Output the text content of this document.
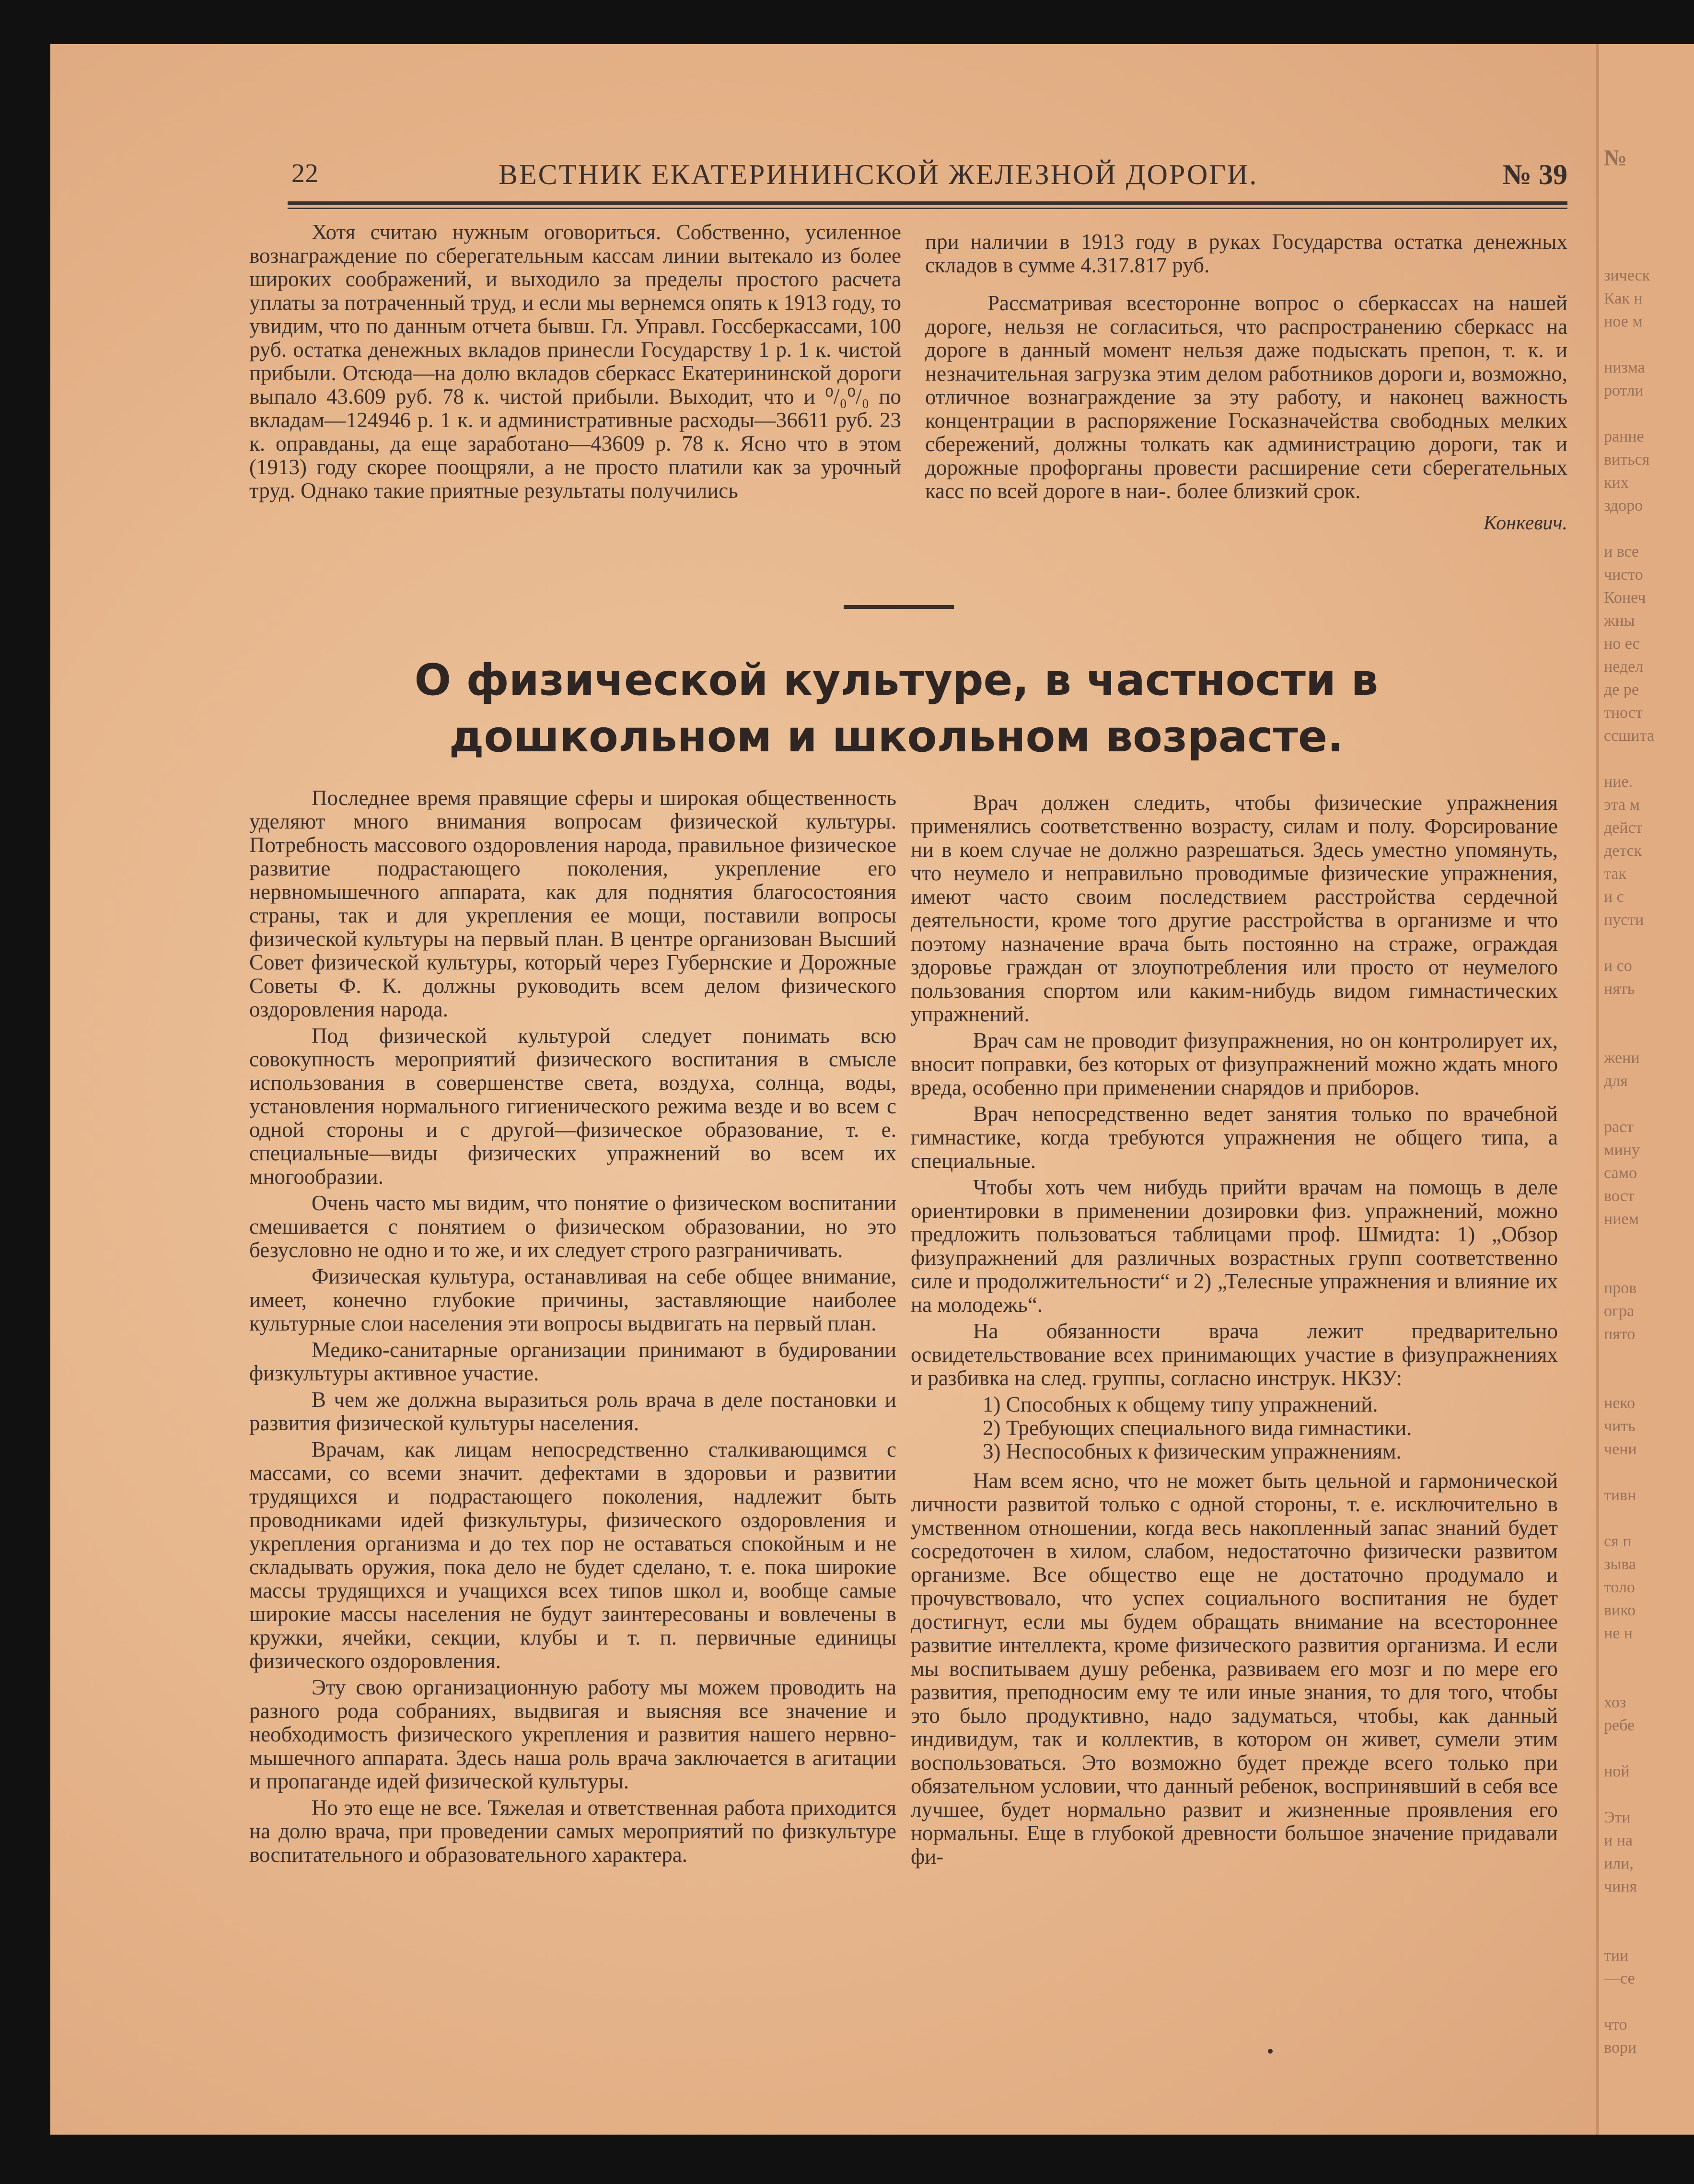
№
зическ
Как н
ное м
низма
ротли
ранне
виться
ких
здоро
и все
чисто
Конеч
жны
но ес
недел
де ре
тност
ссшита
ние.
эта м
дейст
детск
так
и с
пусти
и со
нять
жени
для
раст
мину
само
вост
нием
пров
огра
пято
неко
чить
чени
тивн
ся п
зыва
толо
вико
не н
хоз
ребе
ной
Эти
и на
или,
чиня
тии
—се
что
вори
22	ВЕСТНИК ЕКАТЕРИНИНСКОЙ ЖЕЛЕЗНОЙ ДОРОГИ.	№ 39

Хотя считаю нужным оговориться. Собственно, усиленное вознаграждение по сберегательным кассам линии вытекало из более широких соображений, и выходило за пределы простого расчета уплаты за потраченный труд, и если мы вернемся опять к 1913 году, то увидим, что по данным отчета бывш. Гл. Управл. Госсберкассами, 100 руб. остатка денежных вкладов принесли Государству 1 р. 1 к. чистой прибыли. Отсюда—на долю вкладов сберкасс Екатерининской дороги выпало 43.609 руб. 78 к. чистой прибыли. Выходит, что и ⁰/₀⁰/₀ по вкладам—124946 р. 1 к. и административные расходы—36611 руб. 23 к. оправданы, да еще заработано—43609 р. 78 к. Ясно что в этом (1913) году скорее поощряли, а не просто платили как за урочный труд. Однако такие приятные результаты получились

при наличии в 1913 году в руках Государства остатка денежных складов в сумме 4.317.817 руб.

Рассматривая всесторонне вопрос о сберкассах на нашей дороге, нельзя не согласиться, что распространению сберкасс на дороге в данный момент нельзя даже подыскать препон, т. к. и незначительная загрузка этим делом работников дороги и, возможно, отличное вознаграждение за эту работу, и наконец важность концентрации в распоряжение Госказначейства свободных мелких сбережений, должны толкать как администрацию дороги, так и дорожные профорганы провести расширение сети сберегательных касс по всей дороге в наи-. более близкий срок.

Конкевич.
О физической культуре, в частности в дошкольном и школьном возрасте.

Последнее время правящие сферы и широкая общественность уделяют много внимания вопросам физической культуры. Потребность массового оздоровления народа, правильное физическое развитие подрастающего поколения, укрепление его нервномышечного аппарата, как для поднятия благосостояния страны, так и для укрепления ее мощи, поставили вопросы физической культуры на первый план. В центре организован Высший Совет физической культуры, который через Губернские и Дорожные Советы Ф. К. должны руководить всем делом физического оздоровления народа.

Под физической культурой следует понимать всю совокупность мероприятий физического воспитания в смысле использования в совершенстве света, воздуха, солнца, воды, установления нормального гигиенического режима везде и во всем с одной стороны и с другой—физическое образование, т. е. специальные—виды физических упражнений во всем их многообразии.

Очень часто мы видим, что понятие о физическом воспитании смешивается с понятием о физическом образовании, но это безусловно не одно и то же, и их следует строго разграничивать.

Физическая культура, останавливая на себе общее внимание, имеет, конечно глубокие причины, заставляющие наиболее культурные слои населения эти вопросы выдвигать на первый план.

Медико-санитарные организации принимают в будировании физкультуры активное участие.

В чем же должна выразиться роль врача в деле постановки и развития физической культуры населения.

Врачам, как лицам непосредственно сталкивающимся с массами, со всеми значит. дефектами в здоровьи и развитии трудящихся и подрастающего поколения, надлежит быть проводниками идей физкультуры, физического оздоровления и укрепления организма и до тех пор не оставаться спокойным и не складывать оружия, пока дело не будет сделано, т. е. пока широкие массы трудящихся и учащихся всех типов школ и, вообще самые широкие массы населения не будут заинтересованы и вовлечены в кружки, ячейки, секции, клубы и т. п. первичные единицы физического оздоровления.

Эту свою организационную работу мы можем проводить на разного рода собраниях, выдвигая и выясняя все значение и необходимость физического укрепления и развития нашего нервно-мышечного аппарата. Здесь наша роль врача заключается в агитации и пропаганде идей физической культуры.

Но это еще не все. Тяжелая и ответственная работа приходится на долю врача, при проведении самых мероприятий по физкультуре воспитательного и образовательного характера.

Врач должен следить, чтобы физические упражнения применялись соответственно возрасту, силам и полу. Форсирование ни в коем случае не должно разрешаться. Здесь уместно упомянуть, что неумело и неправильно проводимые физические упражнения, имеют часто своим последствием расстройства сердечной деятельности, кроме того другие расстройства в организме и что поэтому назначение врача быть постоянно на страже, ограждая здоровье граждан от злоупотребления или просто от неумелого пользования спортом или каким-нибудь видом гимнастических упражнений.

Врач сам не проводит физупражнения, но он контролирует их, вносит поправки, без которых от физупражнений можно ждать много вреда, особенно при применении снарядов и приборов.

Врач непосредственно ведет занятия только по врачебной гимнастике, когда требуются упражнения не общего типа, а специальные.

Чтобы хоть чем нибудь прийти врачам на помощь в деле ориентировки в применении дозировки физ. упражнений, можно предложить пользоваться таблицами проф. Шмидта: 1) „Обзор физупражнений для различных возрастных групп соответственно силе и продолжительности“ и 2) „Телесные упражнения и влияние их на молодежь“.

На обязанности врача лежит предварительно освидетельствование всех принимающих участие в физупражнениях и разбивка на след. группы, согласно инструк. НКЗУ:

1) Способных к общему типу упражнений.
2) Требующих специального вида гимнастики.
3) Неспособных к физическим упражнениям.

Нам всем ясно, что не может быть цельной и гармонической личности развитой только с одной стороны, т. е. исключительно в умственном отношении, когда весь накопленный запас знаний будет сосредоточен в хилом, слабом, недостаточно физически развитом организме. Все общество еще не достаточно продумало и прочувствовало, что успех социального воспитания не будет достигнут, если мы будем обращать внимание на всестороннее развитие интеллекта, кроме физического развития организма. И если мы воспитываем душу ребенка, развиваем его мозг и по мере его развития, преподносим ему те или иные знания, то для того, чтобы это было продуктивно, надо задуматься, чтобы, как данный индивидум, так и коллектив, в котором он живет, сумели этим воспользоваться. Это возможно будет прежде всего только при обязательном условии, что данный ребенок, воспринявший в себя все лучшее, будет нормально развит и жизненные проявления его нормальны. Еще в глубокой древности большое значение придавали фи-
